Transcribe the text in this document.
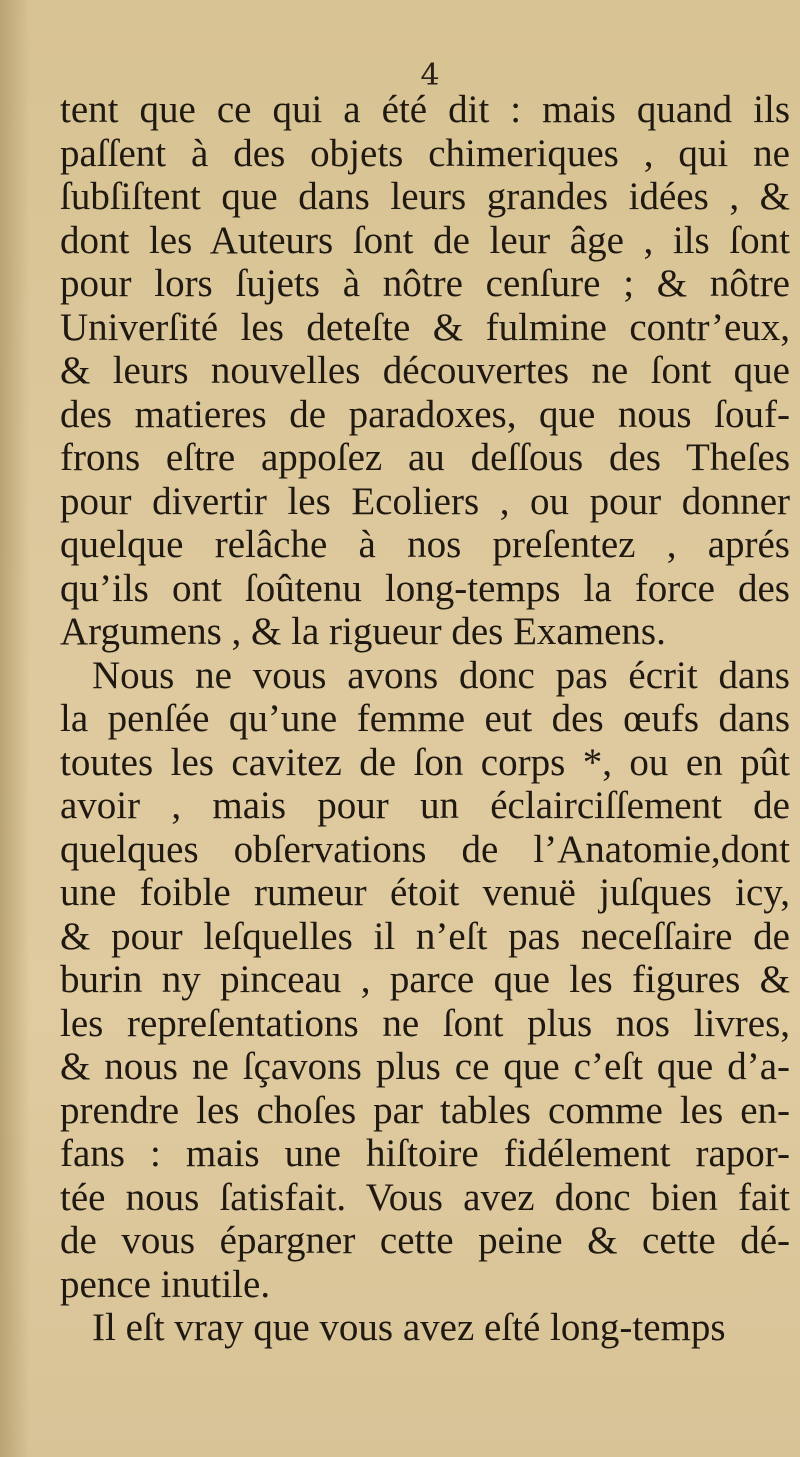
4
tent que ce qui a été dit : mais quand ils
paſſent à des objets chimeriques , qui ne
ſubſiſtent que dans leurs grandes idées , &
dont les Auteurs ſont de leur âge , ils ſont
pour lors ſujets à nôtre cenſure ; & nôtre
Univerſité les deteſte & fulmine contr’eux,
& leurs nouvelles découvertes ne ſont que
des matieres de paradoxes, que nous ſouf-
frons eſtre appoſez au deſſous des Theſes
pour divertir les Ecoliers , ou pour donner
quelque relâche à nos preſentez , aprés
qu’ils ont ſoûtenu long-temps la force des
Argumens , & la rigueur des Examens.
Nous ne vous avons donc pas écrit dans
la penſée qu’une femme eut des œufs dans
toutes les cavitez de ſon corps *, ou en pût
avoir , mais pour un éclairciſſement de
quelques obſervations de l’Anatomie,dont
une foible rumeur étoit venuë juſques icy,
& pour leſquelles il n’eſt pas neceſſaire de
burin ny pinceau , parce que les figures &
les repreſentations ne ſont plus nos livres,
& nous ne ſçavons plus ce que c’eſt que d’a-
prendre les choſes par tables comme les en-
fans : mais une hiſtoire fidélement rapor-
tée nous ſatisfait. Vous avez donc bien fait
de vous épargner cette peine & cette dé-
pence inutile.
Il eſt vray que vous avez eſté long-temps
